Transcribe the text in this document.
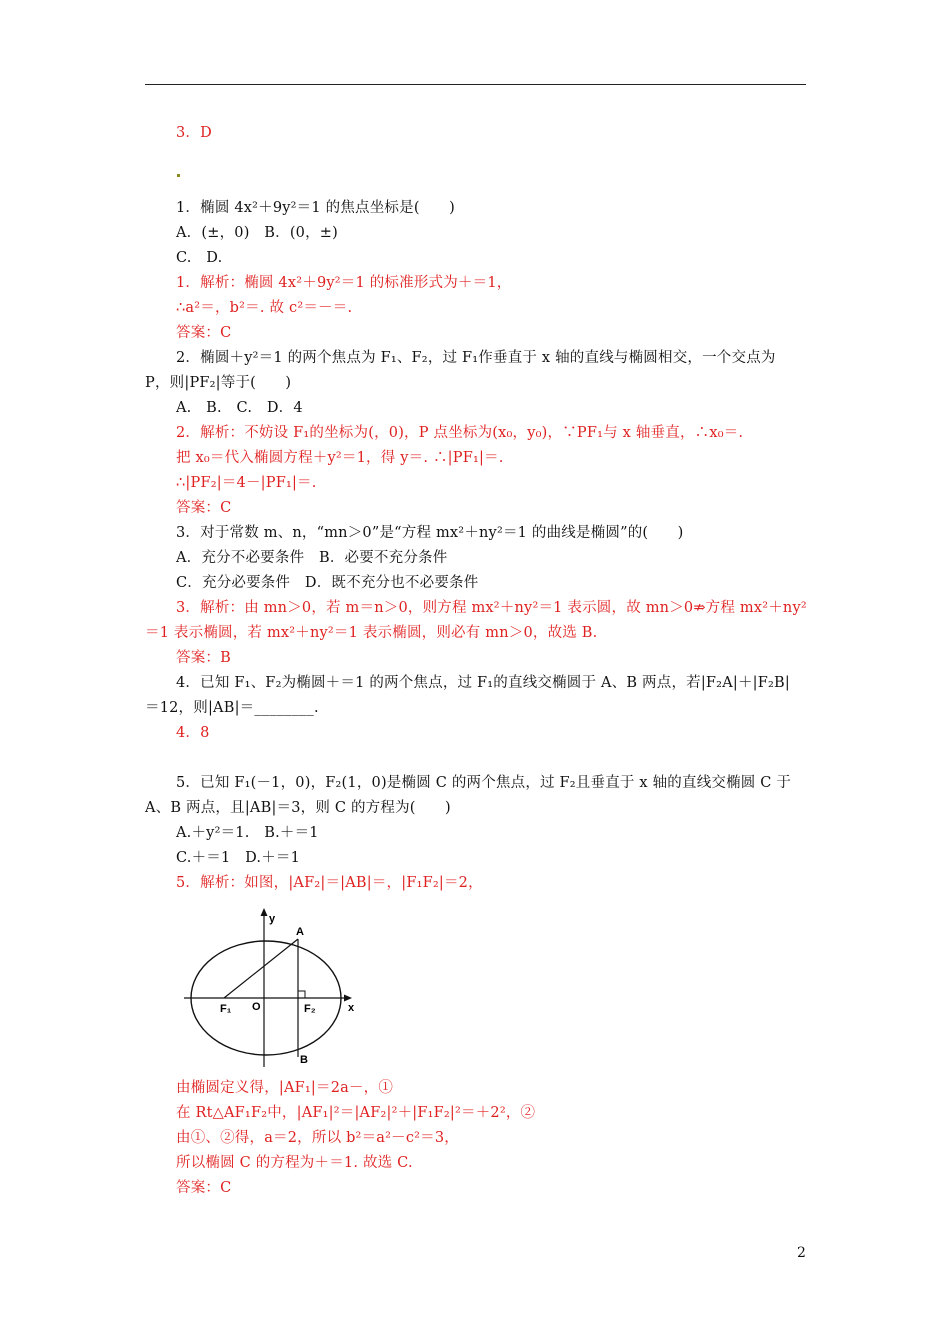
3．D
1．椭圆 4x²＋9y²＝1 的焦点坐标是(　　)
A．(±，0)　B．(0，±)
C.　D.
1．解析：椭圆 4x²＋9y²＝1 的标准形式为＋＝1，
∴a²＝，b²＝. 故 c²＝－＝.
答案：C
2．椭圆＋y²＝1 的两个焦点为 F₁、F₂，过 F₁作垂直于 x 轴的直线与椭圆相交，一个交点为
P，则|PF₂|等于(　　)
A.　B.　C.　D．4
2．解析：不妨设 F₁的坐标为(，0)，P 点坐标为(x₀，y₀)，∵PF₁与 x 轴垂直，∴x₀＝.
把 x₀＝代入椭圆方程＋y²＝1，得 y＝. ∴|PF₁|＝.
∴|PF₂|＝4－|PF₁|＝.
答案：C
3．对于常数 m、n，“mn＞0”是“方程 mx²＋ny²＝1 的曲线是椭圆”的(　　)
A．充分不必要条件　B．必要不充分条件
C．充分必要条件　D．既不充分也不必要条件
3．解析：由 mn＞0，若 m＝n＞0，则方程 mx²＋ny²＝1 表示圆，故 mn＞0⇏方程 mx²＋ny²
＝1 表示椭圆，若 mx²＋ny²＝1 表示椭圆，则必有 mn＞0，故选 B.
答案：B
4．已知 F₁、F₂为椭圆＋＝1 的两个焦点，过 F₁的直线交椭圆于 A、B 两点，若|F₂A|＋|F₂B|
＝12，则|AB|＝________.
4．8
5．已知 F₁(－1，0)，F₂(1，0)是椭圆 C 的两个焦点，过 F₂且垂直于 x 轴的直线交椭圆 C 于
A、B 两点，且|AB|＝3，则 C 的方程为(　　)
A.＋y²＝1.　B.＋＝1
C.＋＝1　D.＋＝1
5．解析：如图，|AF₂|＝|AB|＝，|F₁F₂|＝2，
由椭圆定义得，|AF₁|＝2a－，①
在 Rt△AF₁F₂中，|AF₁|²＝|AF₂|²＋|F₁F₂|²＝＋2²，②
由①、②得，a＝2，所以 b²＝a²－c²＝3，
所以椭圆 C 的方程为＋＝1. 故选 C.
答案：C
y
x
A
B
O
F₁	F₂
2
